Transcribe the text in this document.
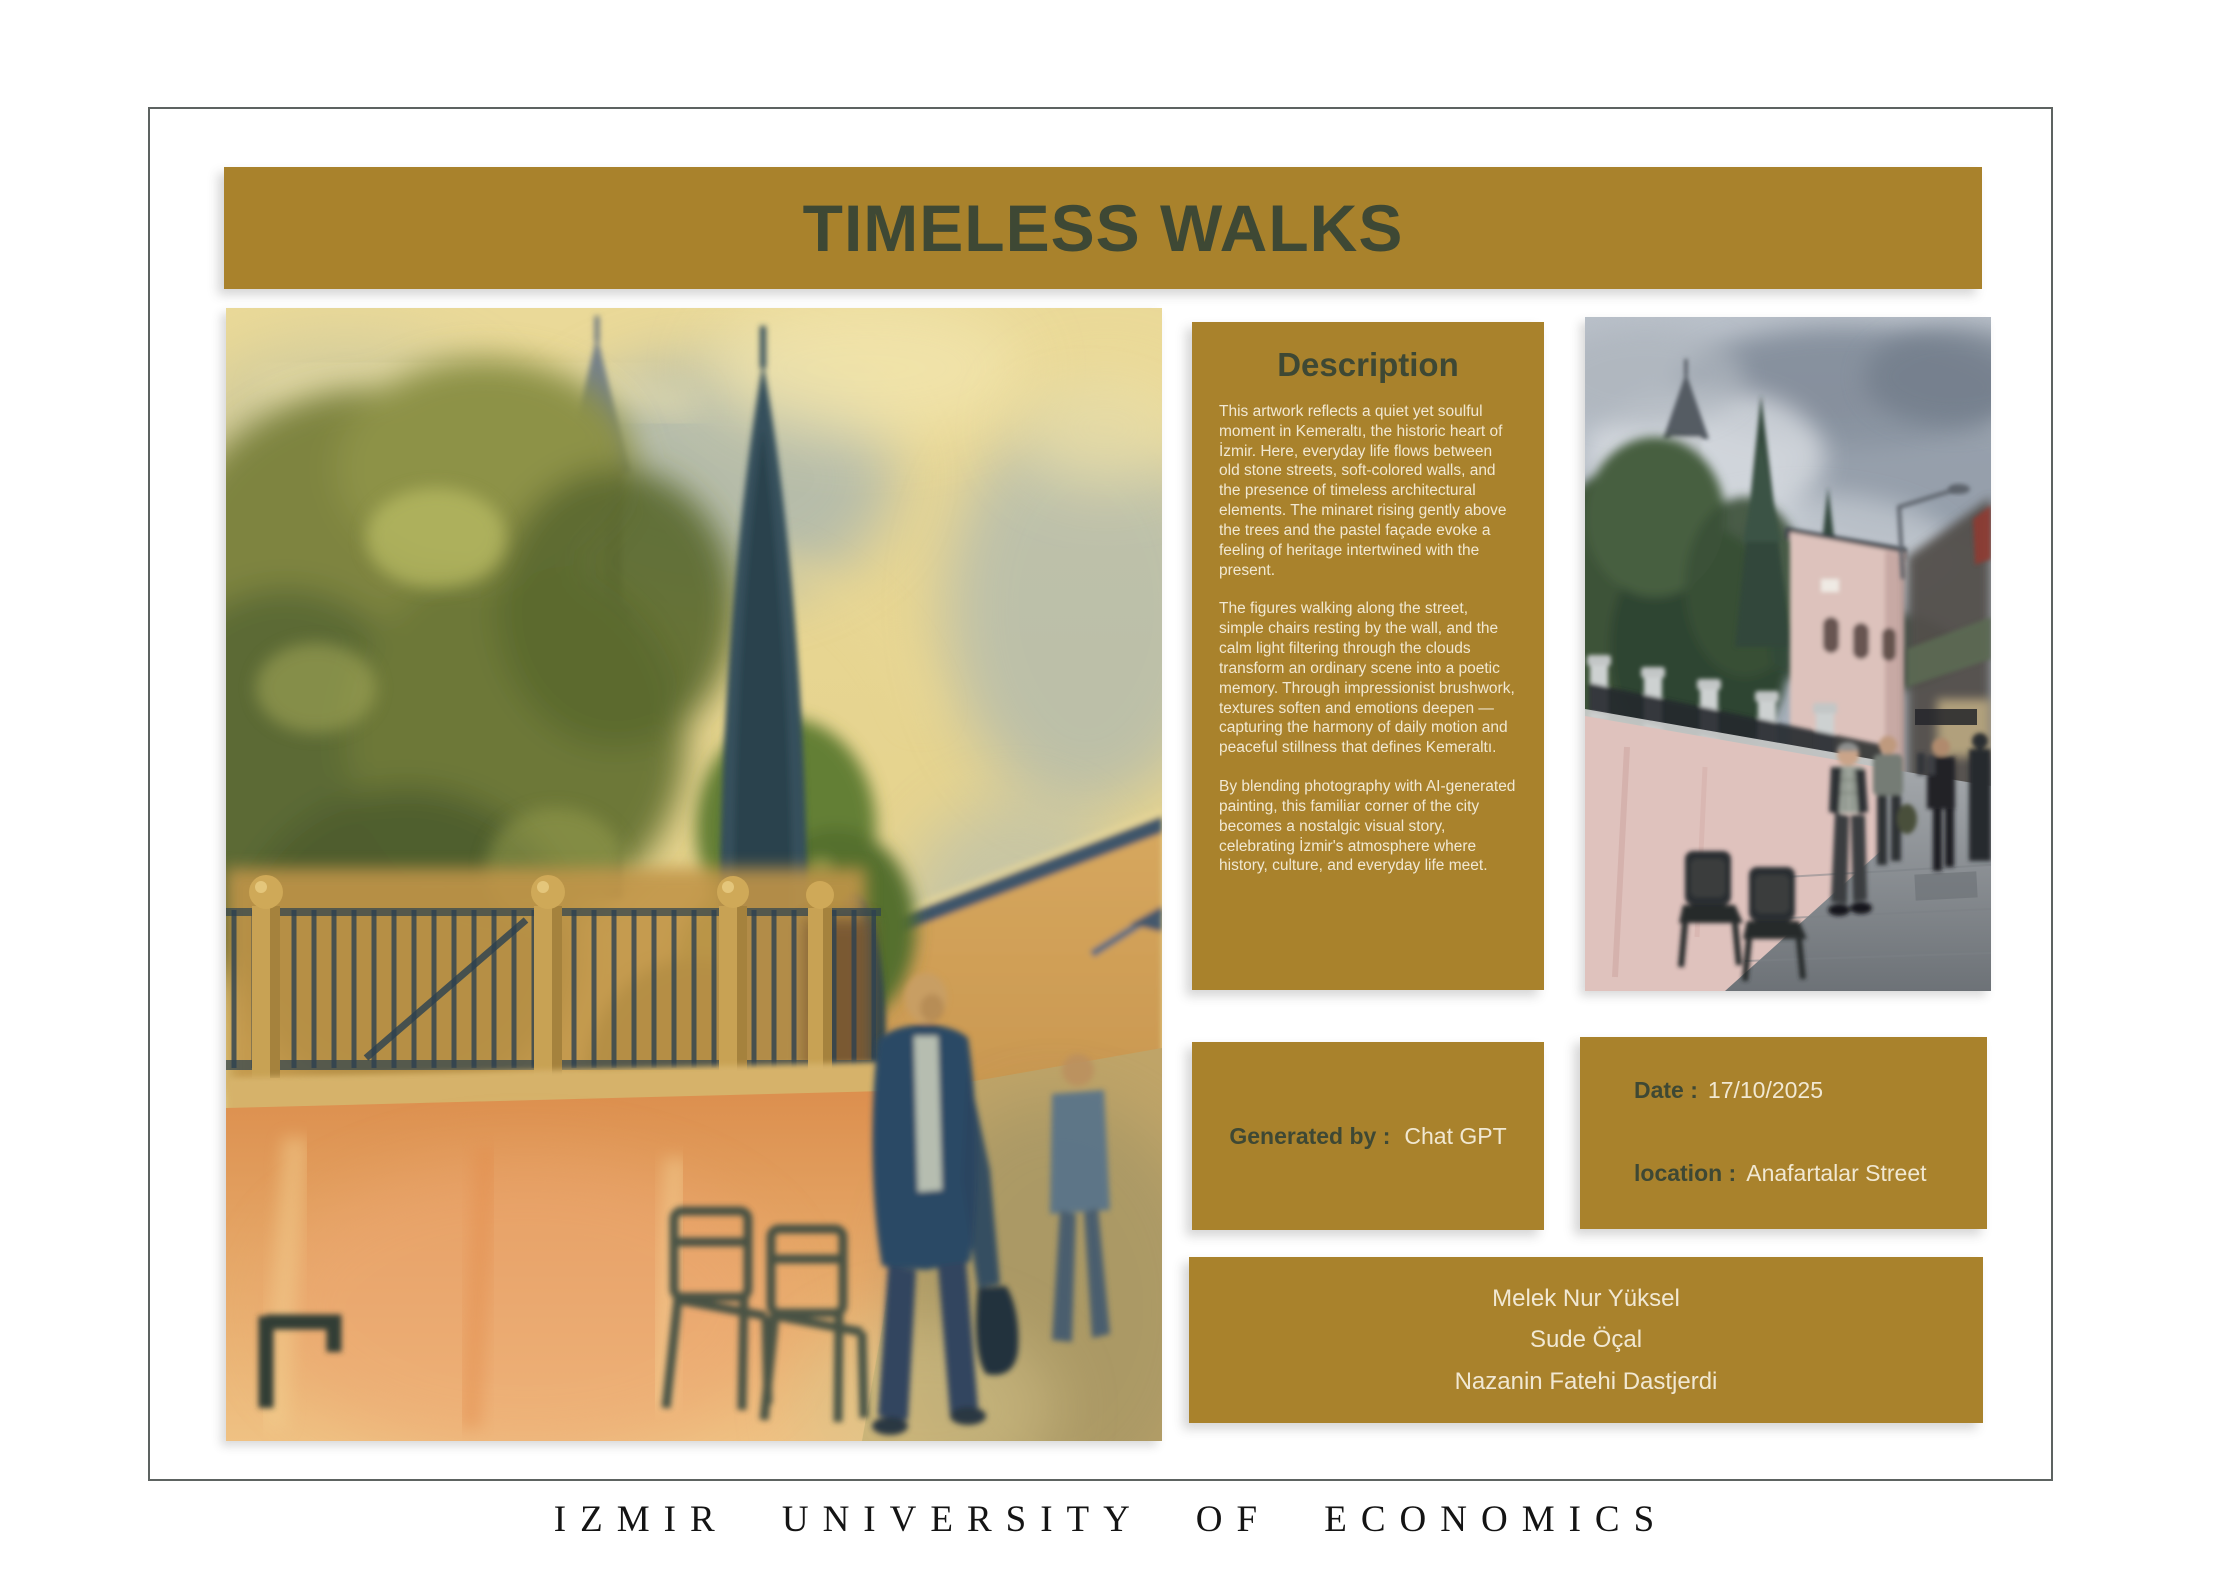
TIMELESS WALKS
Description

This artwork reflects a quiet yet soulful moment in Kemeraltı, the historic heart of İzmir. Here, everyday life flows between old stone streets, soft-colored walls, and the presence of timeless architectural elements. The minaret rising gently above the trees and the pastel façade evoke a feeling of heritage intertwined with the present.

The figures walking along the street, simple chairs resting by the wall, and the calm light filtering through the clouds transform an ordinary scene into a poetic memory. Through impressionist brushwork, textures soften and emotions deepen — capturing the harmony of daily motion and peaceful stillness that defines Kemeraltı.

By blending photography with AI-generated painting, this familiar corner of the city becomes a nostalgic visual story, celebrating İzmir's atmosphere where history, culture, and everyday life meet.

Generated by : Chat GPT
Date : 17/10/2025
location : Anafartalar Street
Melek Nur Yüksel
Sude Öçal
Nazanin Fatehi Dastjerdi
IZMIR UNIVERSITY OF ECONOMICS
